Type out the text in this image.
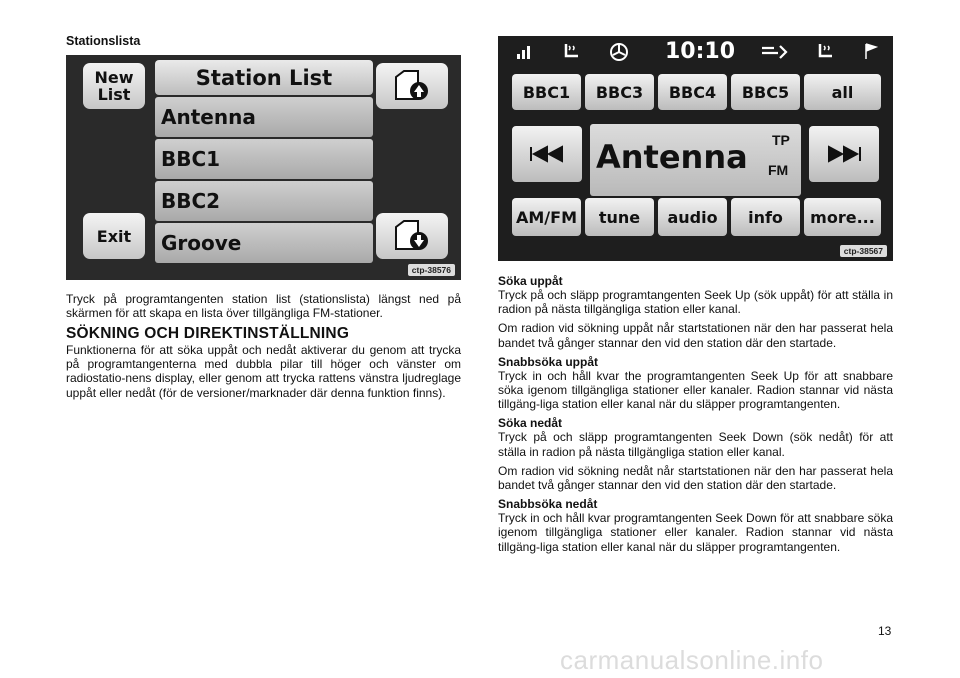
Stationslista
New List
Station List
Antenna
BBC1
BBC2
Groove
Exit
ctp-38576
Tryck på programtangenten station list (stationslista) längst ned på skärmen för att skapa en lista över tillgängliga FM-stationer.
SÖKNING OCH DIREKTINSTÄLLNING
Funktionerna för att söka uppåt och nedåt aktiverar du genom att trycka på programtangenterna med dubbla pilar till höger och vänster om radiostatio-nens display, eller genom att trycka rattens vänstra ljudreglage uppåt eller nedåt (för de versioner/marknader där denna funktion finns).
10:10
BBC1	BBC3	BBC4	BBC5	all
Antenna TP
FM
AM/FM	tune	audio	info	more...
ctp-38567
Söka uppåt
Tryck på och släpp programtangenten Seek Up (sök uppåt) för att ställa in radion på nästa tillgängliga station eller kanal.
Om radion vid sökning uppåt når startstationen när den har passerat hela bandet två gånger stannar den vid den station där den startade.
Snabbsöka uppåt
Tryck in och håll kvar the programtangenten Seek Up för att snabbare söka igenom tillgängliga stationer eller kanaler. Radion stannar vid nästa tillgäng-liga station eller kanal när du släpper programtangenten.
Söka nedåt
Tryck på och släpp programtangenten Seek Down (sök nedåt) för att ställa in radion på nästa tillgängliga station eller kanal.
Om radion vid sökning nedåt når startstationen när den har passerat hela bandet två gånger stannar den vid den station där den startade.
Snabbsöka nedåt
Tryck in och håll kvar programtangenten Seek Down för att snabbare söka igenom tillgängliga stationer eller kanaler. Radion stannar vid nästa tillgäng-liga station eller kanal när du släpper programtangenten.
13
carmanualsonline.info
